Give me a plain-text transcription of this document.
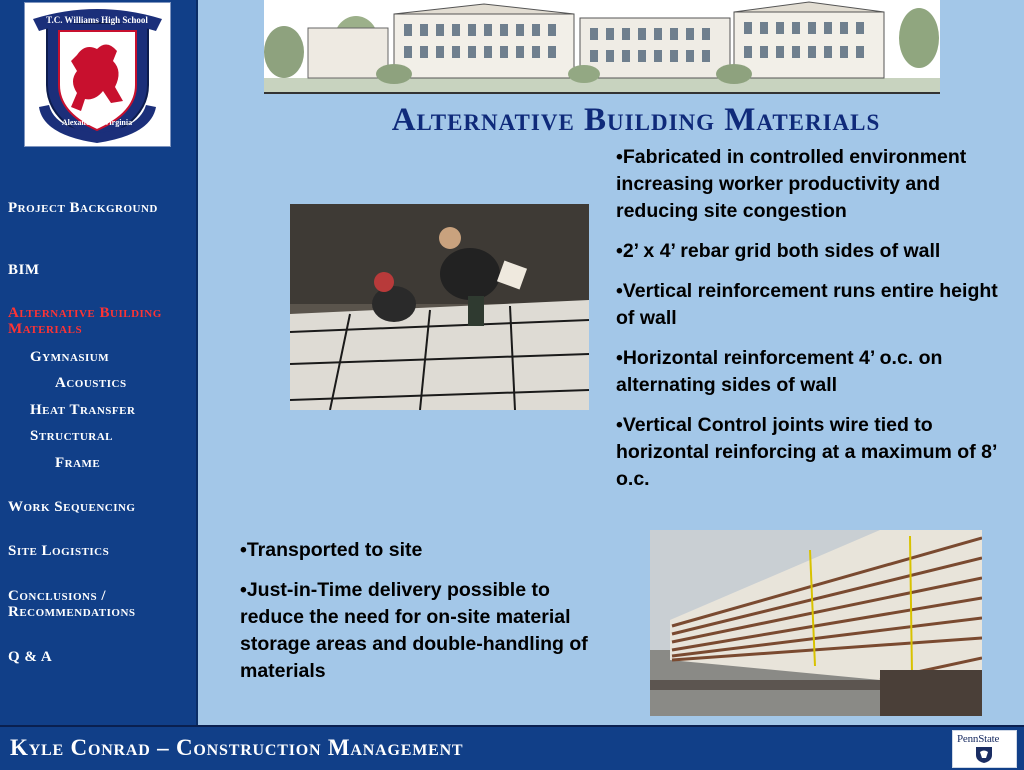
T.C. Williams High School
Alexandria, Virginia
Project Background
BIM
Alternative Building Materials
Gymnasium
Acoustics
Heat Transfer
Structural
Frame
Work Sequencing
Site Logistics
Conclusions / Recommendations
Q & A
Alternative Building Materials
• Fabricated in controlled environment increasing worker productivity and reducing site congestion
• 2’ x 4’ rebar grid both sides of wall
• Vertical reinforcement runs entire height of wall
• Horizontal reinforcement 4’ o.c. on alternating sides of wall
• Vertical Control joints wire tied to horizontal reinforcing at a maximum of 8’ o.c.
• Transported to site
• Just-in-Time delivery possible to reduce the need for on-site material storage areas and double-handling of materials
Kyle Conrad – Construction Management	PennState
